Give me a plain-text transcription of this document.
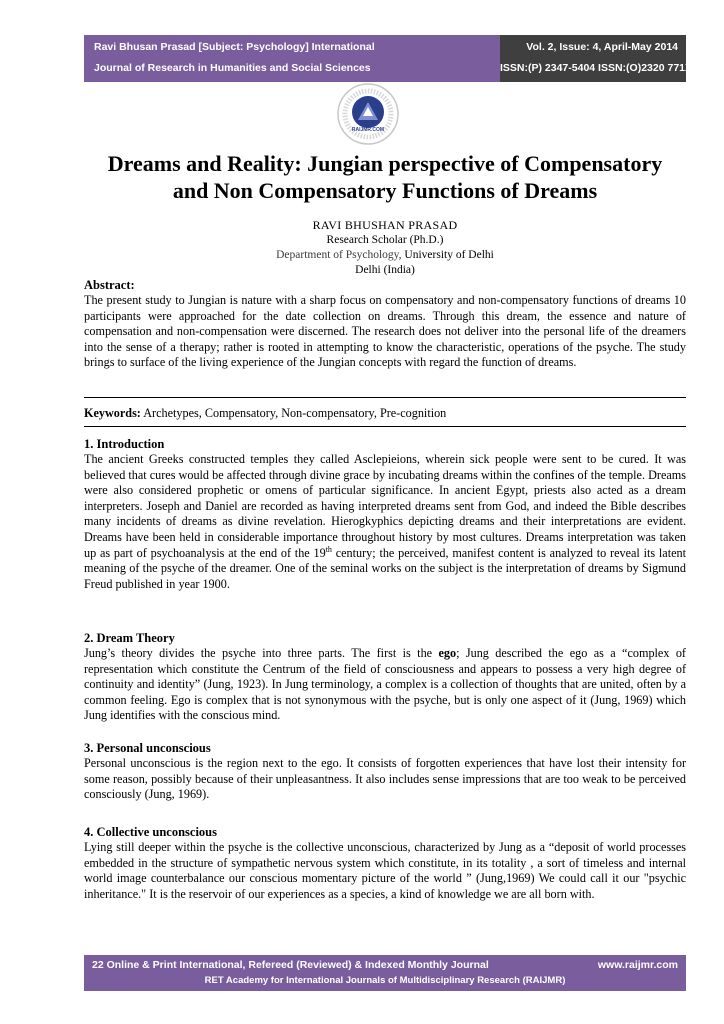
Ravi Bhusan Prasad [Subject: Psychology] International
Journal of Research in Humanities and Social Sciences
Vol. 2, Issue: 4, April-May 2014
ISSN:(P) 2347-5404 ISSN:(O)2320 771X
RAIJMR.COM
Dreams and Reality: Jungian perspective of Compensatory
and Non Compensatory Functions of Dreams
RAVI BHUSHAN PRASAD
Research Scholar (Ph.D.)
Department of Psychology, University of Delhi
Delhi (India)
Abstract:
The present study to Jungian is nature with a sharp focus on compensatory and non-compensatory functions of dreams 10 participants were approached for the date collection on dreams. Through this dream, the essence and nature of compensation and non-compensation were discerned. The research does not deliver into the personal life of the dreamers into the sense of a therapy; rather is rooted in attempting to know the characteristic, operations of the psyche. The study brings to surface of the living experience of the Jungian concepts with regard the function of dreams.
Keywords: Archetypes, Compensatory, Non-compensatory, Pre-cognition
1. Introduction

The ancient Greeks constructed temples they called Asclepieions, wherein sick people were sent to be cured. It was believed that cures would be affected through divine grace by incubating dreams within the confines of the temple. Dreams were also considered prophetic or omens of particular significance. In ancient Egypt, priests also acted as a dream interpreters. Joseph and Daniel are recorded as having interpreted dreams sent from God, and indeed the Bible describes many incidents of dreams as divine revelation. Hierogkyphics depicting dreams and their interpretations are evident. Dreams have been held in considerable importance throughout history by most cultures. Dreams interpretation was taken up as part of psychoanalysis at the end of the 19th century; the perceived, manifest content is analyzed to reveal its latent meaning of the psyche of the dreamer. One of the seminal works on the subject is the interpretation of dreams by Sigmund Freud published in year 1900.

2. Dream Theory

Jung’s theory divides the psyche into three parts. The first is the ego; Jung described the ego as a “complex of representation which constitute the Centrum of the field of consciousness and appears to possess a very high degree of continuity and identity” (Jung, 1923). In Jung terminology, a complex is a collection of thoughts that are united, often by a common feeling. Ego is complex that is not synonymous with the psyche, but is only one aspect of it (Jung, 1969) which Jung identifies with the conscious mind.

3. Personal unconscious

Personal unconscious is the region next to the ego. It consists of forgotten experiences that have lost their intensity for some reason, possibly because of their unpleasantness. It also includes sense impressions that are too weak to be perceived consciously (Jung, 1969).

4. Collective unconscious

Lying still deeper within the psyche is the collective unconscious, characterized by Jung as a “deposit of world processes embedded in the structure of sympathetic nervous system which constitute, in its totality , a sort of timeless and internal world image counterbalance our conscious momentary picture of the world ” (Jung,1969) We could call it our "psychic inheritance." It is the reservoir of our experiences as a species, a kind of knowledge we are all born with.

22 Online & Print International, Refereed (Reviewed) & Indexed Monthly Journal	www.raijmr.com
RET Academy for International Journals of Multidisciplinary Research (RAIJMR)
